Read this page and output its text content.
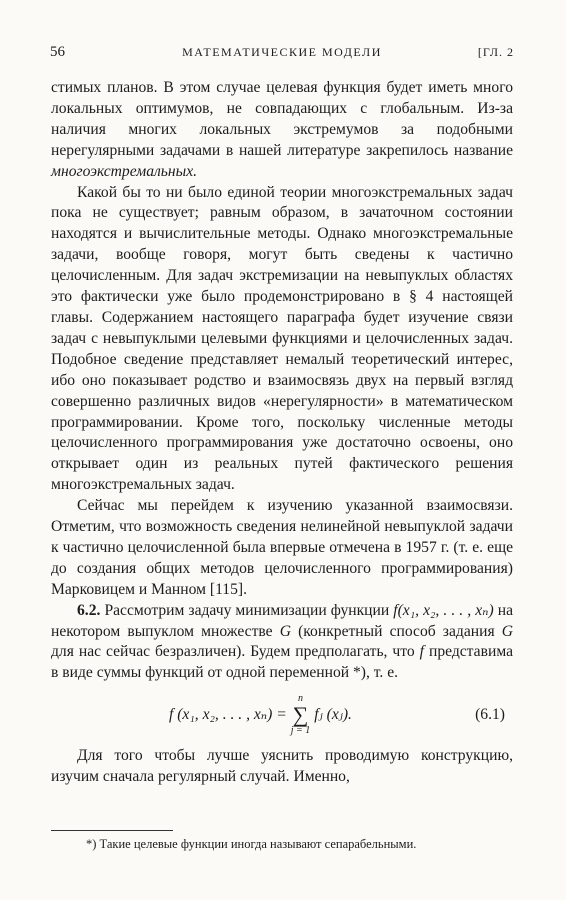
56	МАТЕМАТИЧЕСКИЕ МОДЕЛИ	[ГЛ. 2

стимых планов. В этом случае целевая функция будет иметь много локальных оптимумов, не совпадающих с глобальным. Из-за наличия многих локальных экстремумов за подобными нерегулярными задачами в нашей литературе закрепилось название многоэкстремальных.

Какой бы то ни было единой теории многоэкстремальных задач пока не существует; равным образом, в зачаточном состоянии находятся и вычислительные методы. Однако многоэкстремальные задачи, вообще говоря, могут быть сведены к частично целочисленным. Для задач экстремизации на невыпуклых областях это фактически уже было продемонстрировано в § 4 настоящей главы. Содержанием настоящего параграфа будет изучение связи задач с невыпуклыми целевыми функциями и целочисленных задач. Подобное сведение представляет немалый теоретический интерес, ибо оно показывает родство и взаимосвязь двух на первый взгляд совершенно различных видов «нерегулярности» в математическом программировании. Кроме того, поскольку численные методы целочисленного программирования уже достаточно освоены, оно открывает один из реальных путей фактического решения многоэкстремальных задач.

Сейчас мы перейдем к изучению указанной взаимосвязи. Отметим, что возможность сведения нелинейной невыпуклой задачи к частично целочисленной была впервые отмечена в 1957 г. (т. е. еще до создания общих методов целочисленного программирования) Марковицем и Манном [115].

6.2. Рассмотрим задачу минимизации функции f(x₁, x₂, . . . , xₙ) на некотором выпуклом множестве G (конкретный способ задания G для нас сейчас безразличен). Будем предполагать, что f представима в виде суммы функций от одной переменной *), т. е.

f (x₁, x₂, . . . , xₙ) =
n
∑
j = 1
fⱼ (xⱼ).	(6.1)

Для того чтобы лучше уяснить проводимую конструкцию, изучим сначала регулярный случай. Именно,

*) Такие целевые функции иногда называют сепарабельными.
